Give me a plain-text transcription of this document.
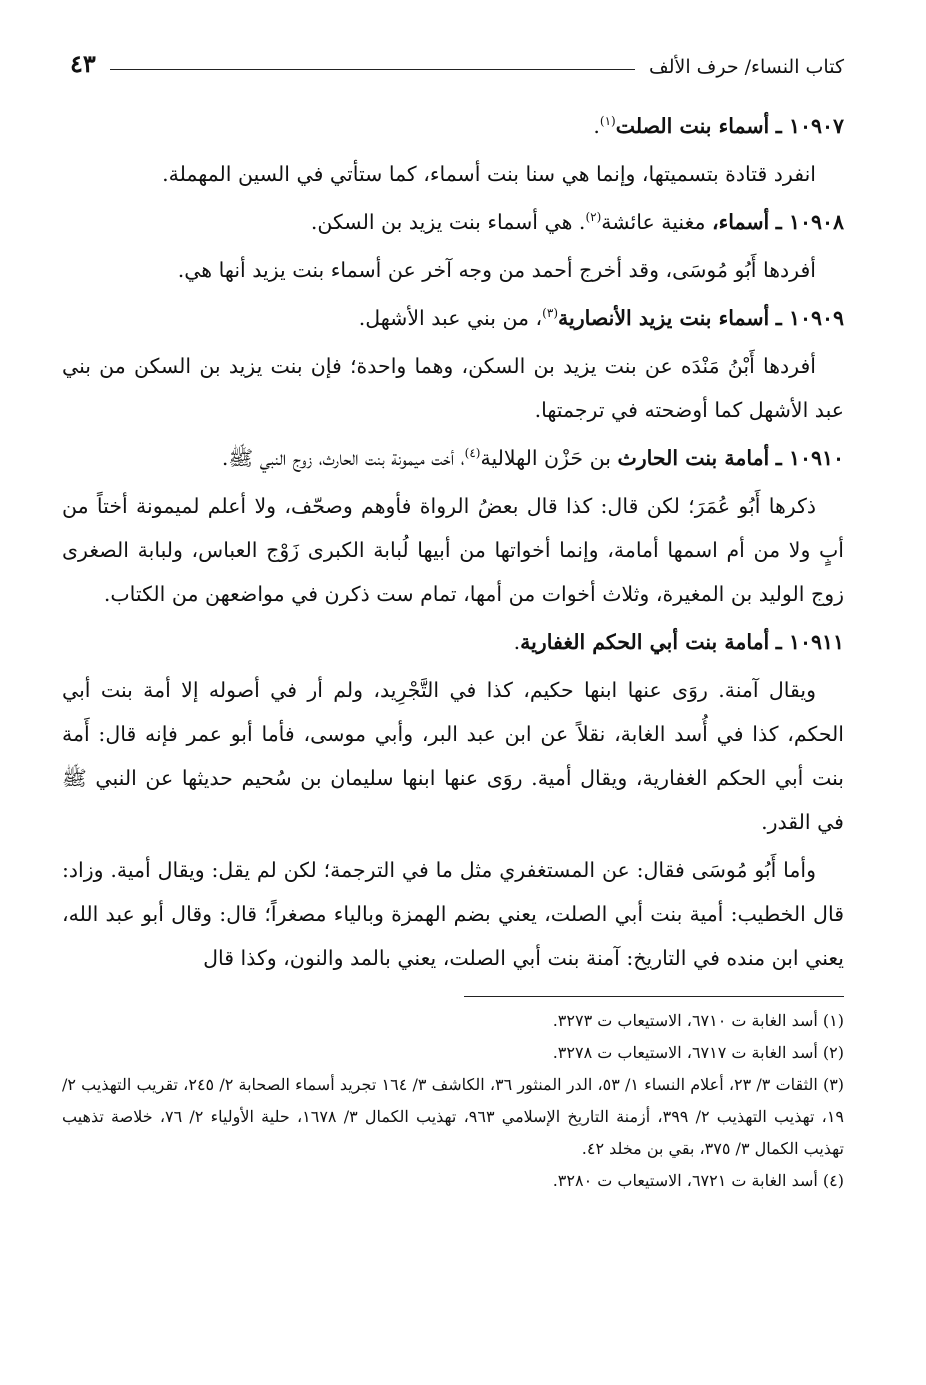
كتاب النساء/ حرف الألف
٤٣

١٠٩٠٧ ـ أسماء بنت الصلت$^{(١)}$.

انفرد قتادة بتسميتها، وإنما هي سنا بنت أسماء، كما ستأتي في السين المهملة.

١٠٩٠٨ ـ أسماء، مغنية عائشة$^{(٢)}$. هي أسماء بنت يزيد بن السكن.

أفردها أَبُو مُوسَى، وقد أخرج أحمد من وجه آخر عن أسماء بنت يزيد أنها هي.

١٠٩٠٩ ـ أسماء بنت يزيد الأنصارية$^{(٣)}$، من بني عبد الأشهل.

أفردها أَبْنُ مَنْدَه عن بنت يزيد بن السكن، وهما واحدة؛ فإن بنت يزيد بن السكن من بني عبد الأشهل كما أوضحته في ترجمتها.

١٠٩١٠ ـ أمامة بنت الحارث بن حَزْن الهلالية$^{(٤)}$، أخت ميمونة بنت الحارث، زوج النبي ﷺ.

ذكرها أَبُو عُمَرَ؛ لكن قال: كذا قال بعضُ الرواة فأوهم وصحّف، ولا أعلم لميمونة أختاً من أبٍ ولا من أم اسمها أمامة، وإنما أخواتها من أبيها لُبابة الكبرى زَوْج العباس، ولبابة الصغرى زوج الوليد بن المغيرة، وثلاث أخوات من أمها، تمام ست ذكرن في مواضعهن من الكتاب.

١٠٩١١ ـ أمامة بنت أبي الحكم الغفارية.

ويقال آمنة. روَى عنها ابنها حكيم، كذا في التَّجْرِيد، ولم أر في أصوله إلا أمة بنت أبي الحكم، كذا في أُسد الغابة، نقلاً عن ابن عبد البر، وأبي موسى، فأما أبو عمر فإنه قال: أَمة بنت أبي الحكم الغفارية، ويقال أمية. روَى عنها ابنها سليمان بن سُحيم حديثها عن النبي ﷺ في القدر.

وأما أَبُو مُوسَى فقال: عن المستغفري مثل ما في الترجمة؛ لكن لم يقل: ويقال أمية. وزاد: قال الخطيب: أمية بنت أبي الصلت، يعني بضم الهمزة وبالياء مصغراً؛ قال: وقال أبو عبد الله، يعني ابن منده في التاريخ: آمنة بنت أبي الصلت، يعني بالمد والنون، وكذا قال

(١) أسد الغابة ت ٦٧١٠، الاستيعاب ت ٣٢٧٣.

(٢) أسد الغابة ت ٦٧١٧، الاستيعاب ت ٣٢٧٨.

(٣) الثقات ٣/ ٢٣، أعلام النساء ١/ ٥٣، الدر المنثور ٣٦، الكاشف ٣/ ١٦٤ تجريد أسماء الصحابة ٢/ ٢٤٥، تقريب التهذيب ٢/ ١٩، تهذيب التهذيب ٢/ ٣٩٩، أزمنة التاريخ الإسلامي ٩٦٣، تهذيب الكمال ٣/ ١٦٧٨، حلية الأولياء ٢/ ٧٦، خلاصة تذهيب تهذيب الكمال ٣/ ٣٧٥، بقي بن مخلد ٤٢.

(٤) أسد الغابة ت ٦٧٢١، الاستيعاب ت ٣٢٨٠.
